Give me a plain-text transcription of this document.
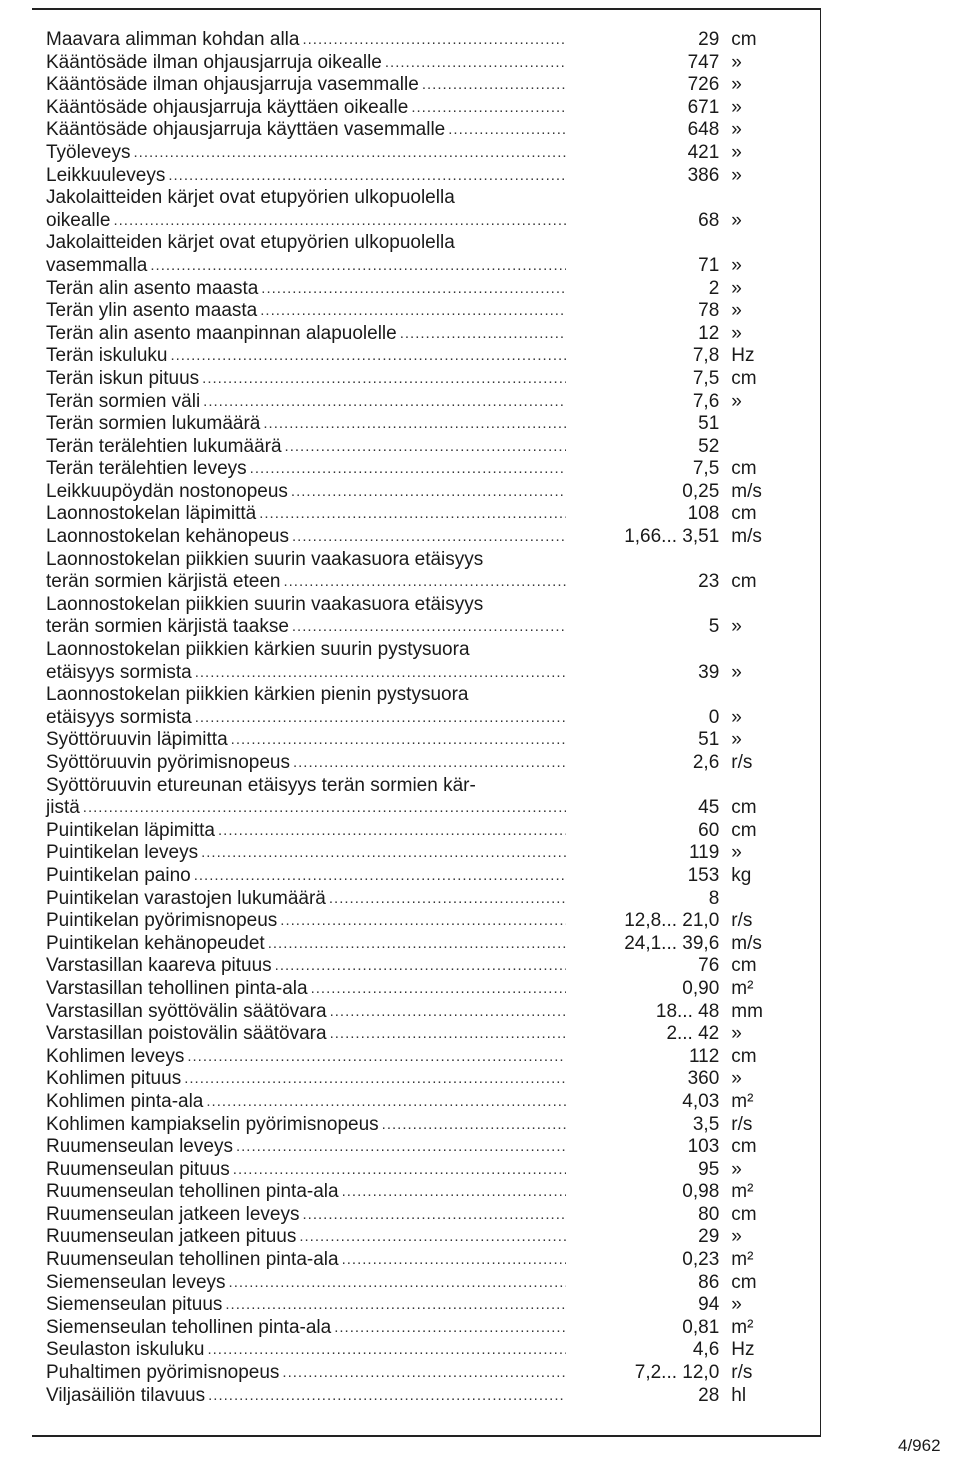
Maavara alimman kohdan alla .....	29 cm
Kääntösäde ilman ohjausjarruja oikealle .....	747 »
Kääntösäde ilman ohjausjarruja vasemmalle .....	726 »
Kääntösäde ohjausjarruja käyttäen oikealle .....	671 »
Kääntösäde ohjausjarruja käyttäen vasemmalle .....	648 »
Työleveys .....	421 »
Leikkuuleveys .....	386 »
Jakolaitteiden kärjet ovat etupyörien ulkopuolella
oikealle .....	68 »
Jakolaitteiden kärjet ovat etupyörien ulkopuolella
vasemmalla .....	71 »
Terän alin asento maasta .....	2 »
Terän ylin asento maasta .....	78 »
Terän alin asento maanpinnan alapuolelle .....	12 »
Terän iskuluku .....	7,8 Hz
Terän iskun pituus .....	7,5 cm
Terän sormien väli .....	7,6 »
Terän sormien lukumäärä .....	51
Terän terälehtien lukumäärä .....	52
Terän terälehtien leveys .....	7,5 cm
Leikkuupöydän nostonopeus .....	0,25 m/s
Laonnostokelan läpimittä .....	108 cm
Laonnostokelan kehänopeus .....	1,66... 3,51 m/s
Laonnostokelan piikkien suurin vaakasuora etäisyys
terän sormien kärjistä eteen .....	23 cm
Laonnostokelan piikkien suurin vaakasuora etäisyys
terän sormien kärjistä taakse .....	5 »
Laonnostokelan piikkien kärkien suurin pystysuora
etäisyys sormista .....	39 »
Laonnostokelan piikkien kärkien pienin pystysuora
etäisyys sormista .....	0 »
Syöttöruuvin läpimitta .....	51 »
Syöttöruuvin pyörimisnopeus .....	2,6 r/s
Syöttöruuvin etureunan etäisyys terän sormien kär-
jistä .....	45 cm
Puintikelan läpimitta .....	60 cm
Puintikelan leveys .....	119 »
Puintikelan paino .....	153 kg
Puintikelan varastojen lukumäärä .....	8
Puintikelan pyörimisnopeus .....	12,8... 21,0 r/s
Puintikelan kehänopeudet .....	24,1... 39,6 m/s
Varstasillan kaareva pituus .....	76 cm
Varstasillan tehollinen pinta-ala .....	0,90 m²
Varstasillan syöttövälin säätövara .....	18... 48 mm
Varstasillan poistovälin säätövara .....	2... 42 »
Kohlimen leveys .....	112 cm
Kohlimen pituus .....	360 »
Kohlimen pinta-ala .....	4,03 m²
Kohlimen kampiakselin pyörimisnopeus .....	3,5 r/s
Ruumenseulan leveys .....	103 cm
Ruumenseulan pituus .....	95 »
Ruumenseulan tehollinen pinta-ala .....	0,98 m²
Ruumenseulan jatkeen leveys .....	80 cm
Ruumenseulan jatkeen pituus .....	29 »
Ruumenseulan tehollinen pinta-ala .....	0,23 m²
Siemenseulan leveys .....	86 cm
Siemenseulan pituus .....	94 »
Siemenseulan tehollinen pinta-ala .....	0,81 m²
Seulaston iskuluku .....	4,6 Hz
Puhaltimen pyörimisnopeus .....	7,2... 12,0 r/s
Viljasäiliön tilavuus .....	28 hl
4/962
